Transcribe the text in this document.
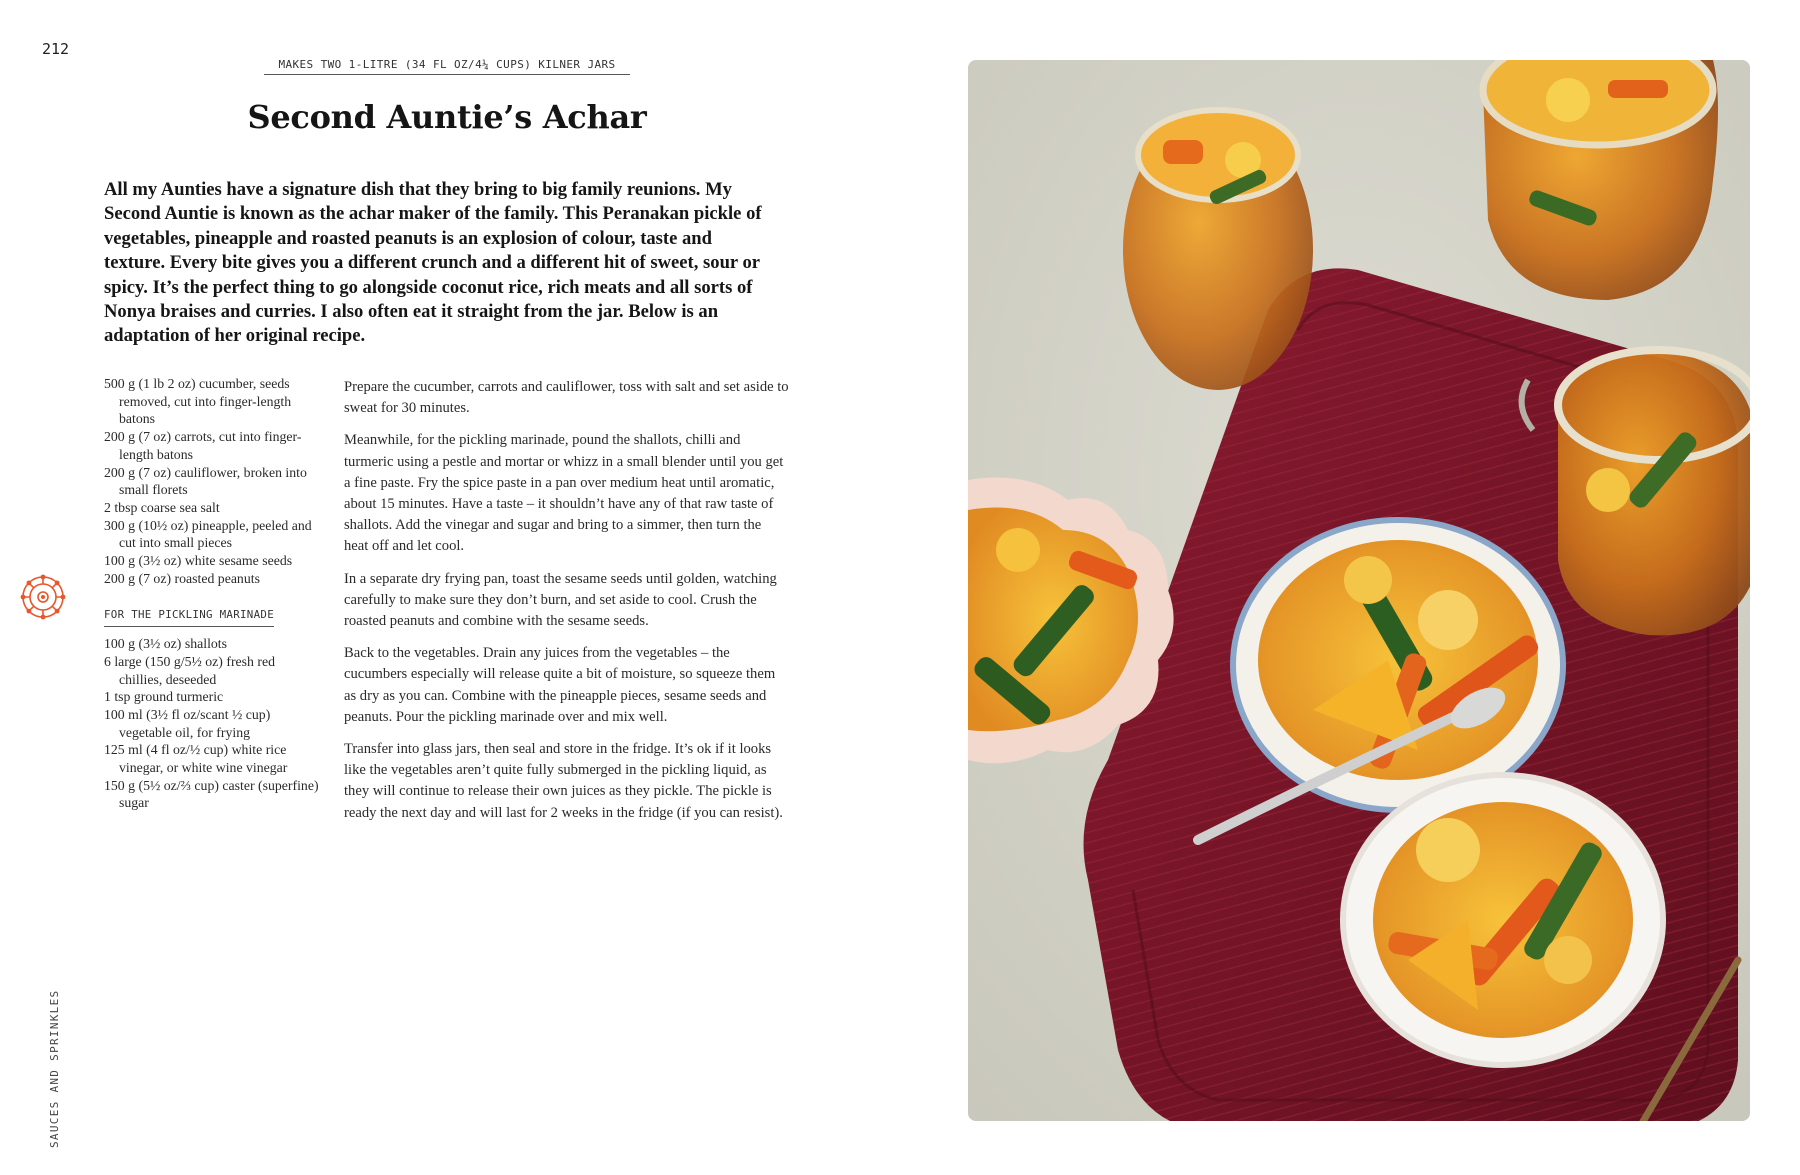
212
MAKES TWO 1-LITRE (34 FL OZ/4¼ CUPS) KILNER JARS
Second Auntie’s Achar

All my Aunties have a signature dish that they bring to big family reunions. My Second Auntie is known as the achar maker of the family. This Peranakan pickle of vegetables, pineapple and roasted peanuts is an explosion of colour, taste and texture. Every bite gives you a different crunch and a different hit of sweet, sour or spicy. It’s the perfect thing to go alongside coconut rice, rich meats and all sorts of Nonya braises and curries. I also often eat it straight from the jar. Below is an adaptation of her original recipe.

500 g (1 lb 2 oz) cucumber, seeds removed, cut into finger-length batons
200 g (7 oz) carrots, cut into finger-length batons
200 g (7 oz) cauliflower, broken into small florets
2 tbsp coarse sea salt
300 g (10½ oz) pineapple, peeled and cut into small pieces
100 g (3½ oz) white sesame seeds
200 g (7 oz) roasted peanuts
FOR THE PICKLING MARINADE
100 g (3½ oz) shallots
6 large (150 g/5½ oz) fresh red chillies, deseeded
1 tsp ground turmeric
100 ml (3½ fl oz/scant ½ cup) vegetable oil, for frying
125 ml (4 fl oz/½ cup) white rice vinegar, or white wine vinegar
150 g (5½ oz/⅔ cup) caster (superfine) sugar

Prepare the cucumber, carrots and cauliflower, toss with salt and set aside to sweat for 30 minutes.

Meanwhile, for the pickling marinade, pound the shallots, chilli and turmeric using a pestle and mortar or whizz in a small blender until you get a fine paste. Fry the spice paste in a pan over medium heat until aromatic, about 15 minutes. Have a taste – it shouldn’t have any of that raw taste of shallots. Add the vinegar and sugar and bring to a simmer, then turn the heat off and let cool.

In a separate dry frying pan, toast the sesame seeds until golden, watching carefully to make sure they don’t burn, and set aside to cool. Crush the roasted peanuts and combine with the sesame seeds.

Back to the vegetables. Drain any juices from the vegetables – the cucumbers especially will release quite a bit of moisture, so squeeze them as dry as you can. Combine with the pineapple pieces, sesame seeds and peanuts. Pour the pickling marinade over and mix well.

Transfer into glass jars, then seal and store in the fridge. It’s ok if it looks like the vegetables aren’t quite fully submerged in the pickling liquid, as they will continue to release their own juices as they pickle. The pickle is ready the next day and will last for 2 weeks in the fridge (if you can resist).

SAUCES AND SPRINKLES
